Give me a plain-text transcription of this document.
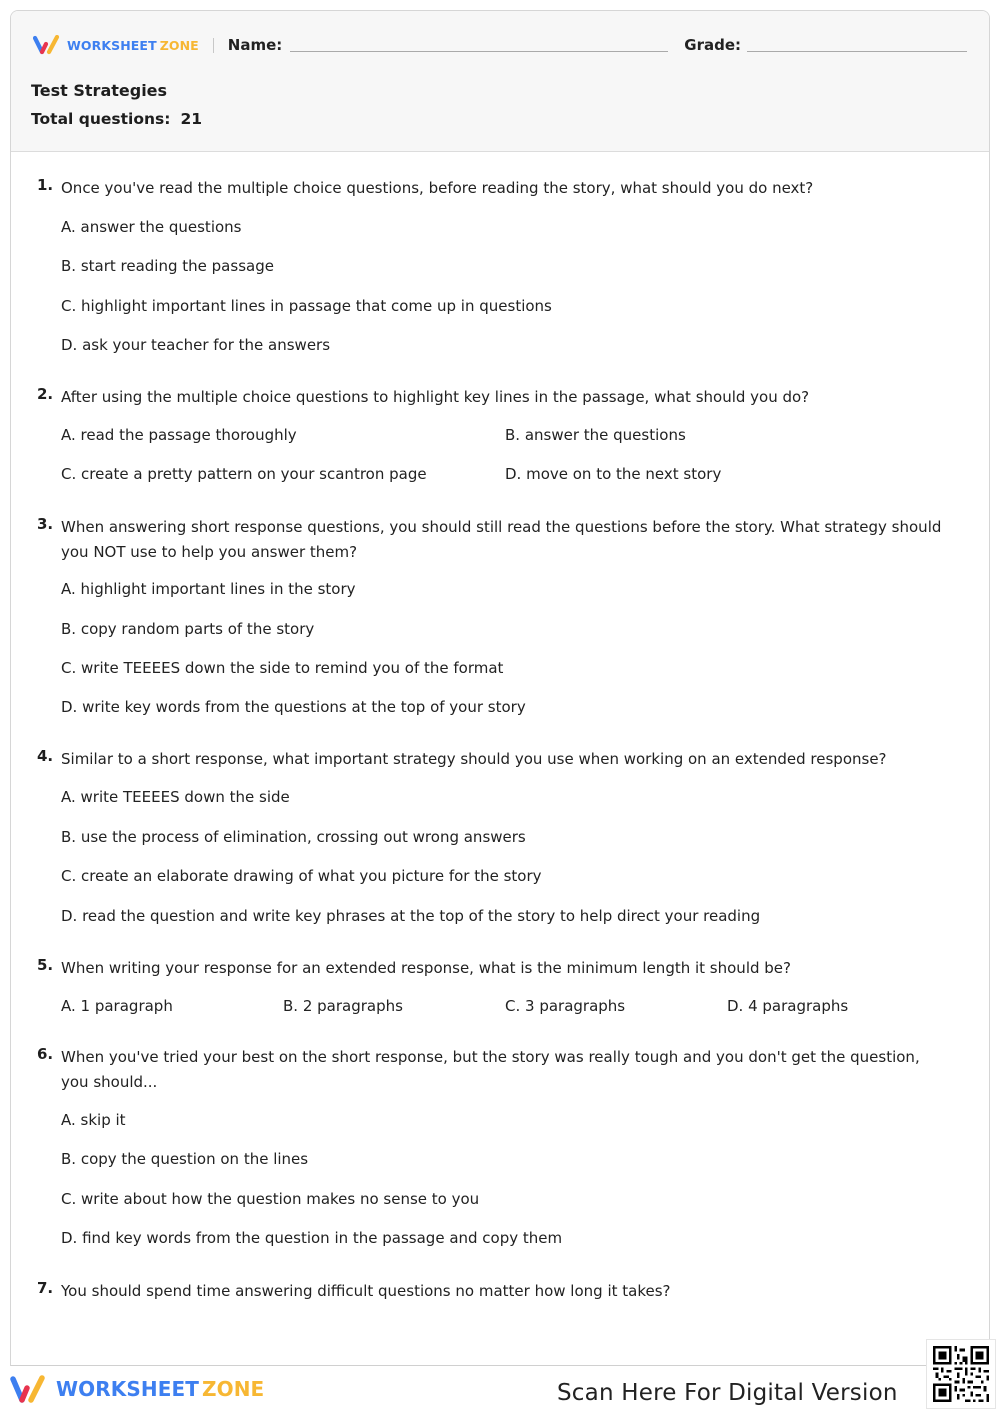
WORKSHEET ZONE Name:	Grade:
Test Strategies
Total questions: 21
1. Once you've read the multiple choice questions, before reading the story, what should you do next?
A. answer the questions
B. start reading the passage
C. highlight important lines in passage that come up in questions
D. ask your teacher for the answers
2. After using the multiple choice questions to highlight key lines in the passage, what should you do?
A. read the passage thoroughly	B. answer the questions
C. create a pretty pattern on your scantron page	D. move on to the next story
3. When answering short response questions, you should still read the questions before the story. What strategy should you NOT use to help you answer them?
A. highlight important lines in the story
B. copy random parts of the story
C. write TEEEES down the side to remind you of the format
D. write key words from the questions at the top of your story
4. Similar to a short response, what important strategy should you use when working on an extended response?
A. write TEEEES down the side
B. use the process of elimination, crossing out wrong answers
C. create an elaborate drawing of what you picture for the story
D. read the question and write key phrases at the top of the story to help direct your reading
5. When writing your response for an extended response, what is the minimum length it should be?
A. 1 paragraph	B. 2 paragraphs	C. 3 paragraphs	D. 4 paragraphs
6. When you've tried your best on the short response, but the story was really tough and you don't get the question, you should...
A. skip it
B. copy the question on the lines
C. write about how the question makes no sense to you
D. find key words from the question in the passage and copy them
7. You should spend time answering difficult questions no matter how long it takes?
WORKSHEET ZONE	Scan Here For Digital Version
